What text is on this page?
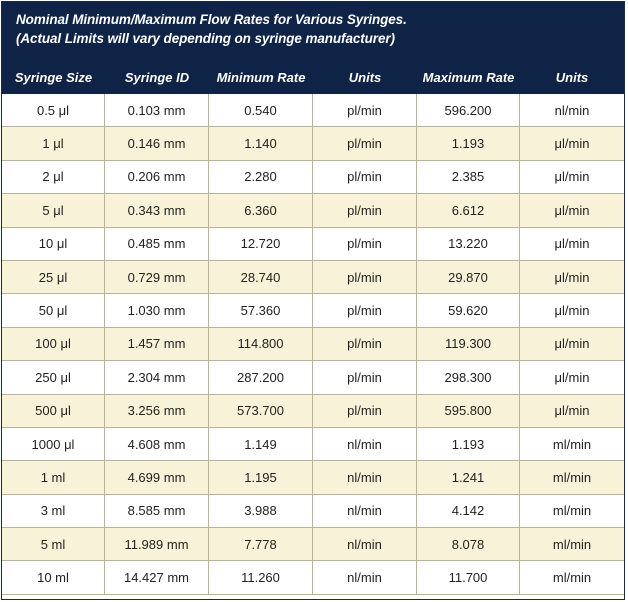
Nominal Minimum/Maximum Flow Rates for Various Syringes.
(Actual Limits will vary depending on syringe manufacturer)
Syringe Size	Syringe ID	Minimum Rate	Units	Maximum Rate	Units
0.5 μl	0.103 mm	0.540	pl/min	596.200	nl/min
1 μl	0.146 mm	1.140	pl/min	1.193	μl/min
2 μl	0.206 mm	2.280	pl/min	2.385	μl/min
5 μl	0.343 mm	6.360	pl/min	6.612	μl/min
10 μl	0.485 mm	12.720	pl/min	13.220	μl/min
25 μl	0.729 mm	28.740	pl/min	29.870	μl/min
50 μl	1.030 mm	57.360	pl/min	59.620	μl/min
100 μl	1.457 mm	114.800	pl/min	119.300	μl/min
250 μl	2.304 mm	287.200	pl/min	298.300	μl/min
500 μl	3.256 mm	573.700	pl/min	595.800	μl/min
1000 μl	4.608 mm	1.149	nl/min	1.193	ml/min
1 ml	4.699 mm	1.195	nl/min	1.241	ml/min
3 ml	8.585 mm	3.988	nl/min	4.142	ml/min
5 ml	11.989 mm	7.778	nl/min	8.078	ml/min
10 ml	14.427 mm	11.260	nl/min	11.700	ml/min
